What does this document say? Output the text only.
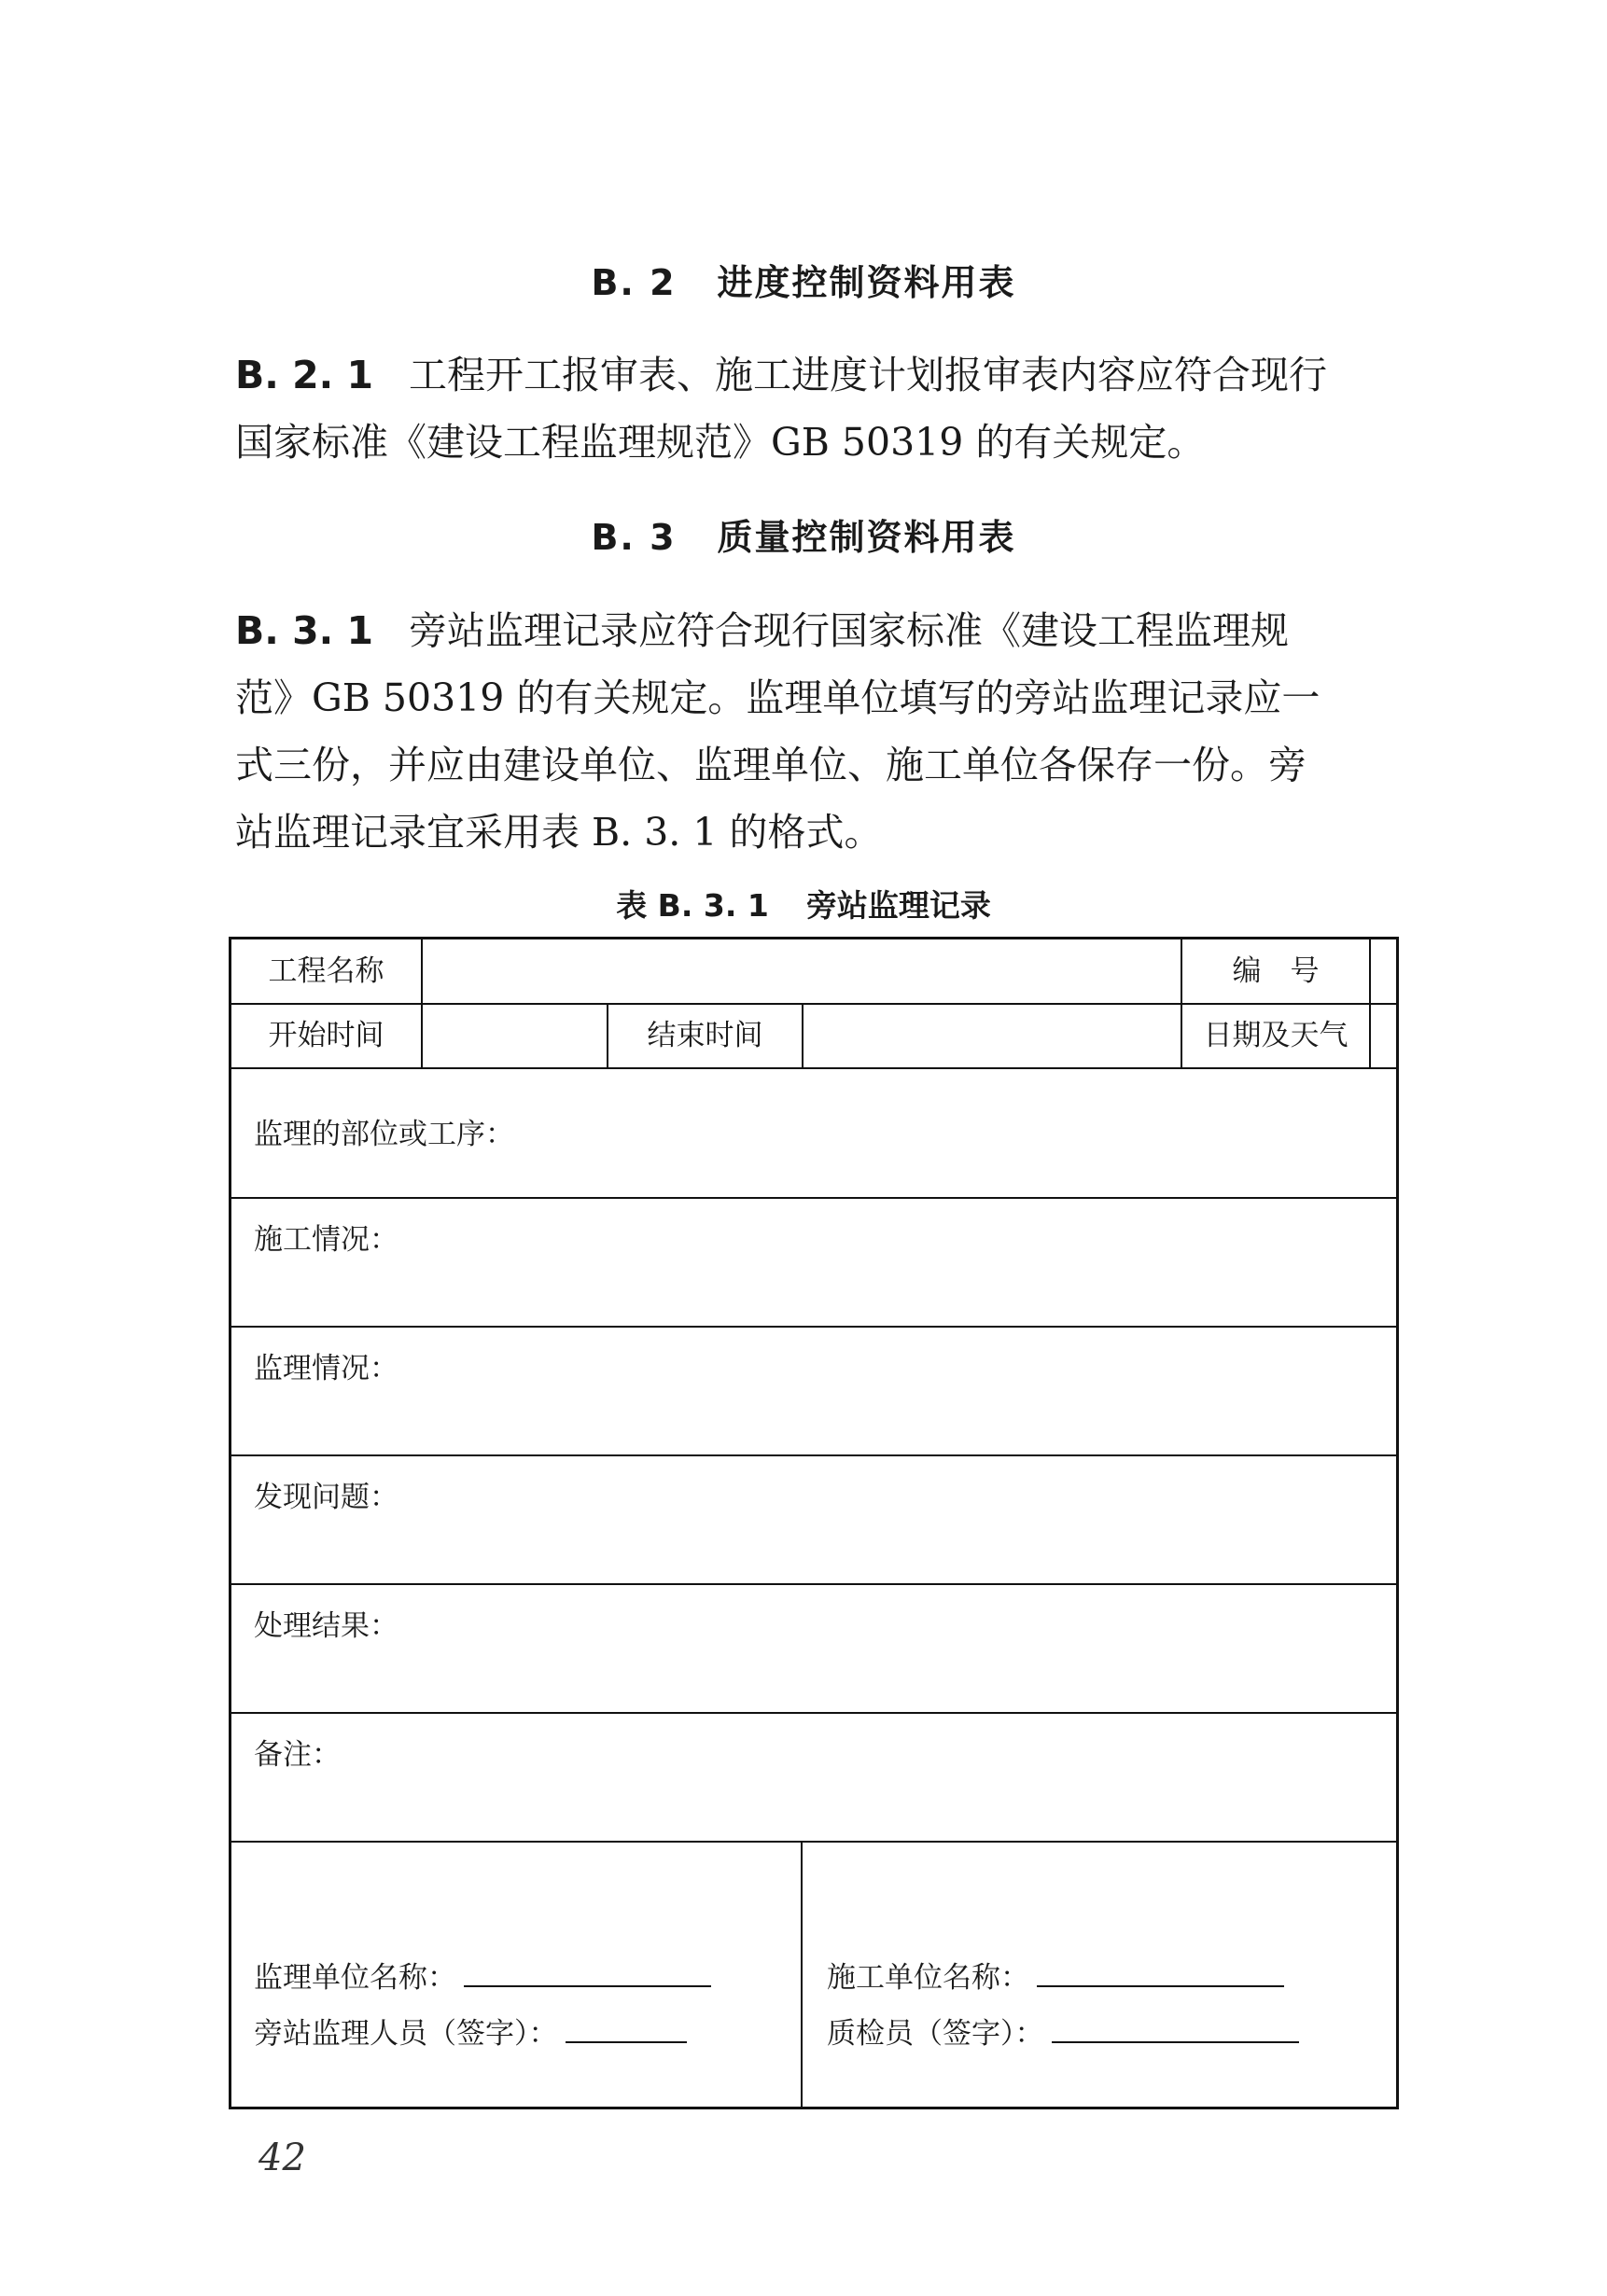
B. 2 进度控制资料用表
B. 2. 1 工程开工报审表、施工进度计划报审表内容应符合现行
国家标准《建设工程监理规范》GB 50319 的有关规定。
B. 3 质量控制资料用表
B. 3. 1 旁站监理记录应符合现行国家标准《建设工程监理规
范》GB 50319 的有关规定。监理单位填写的旁站监理记录应一
式三份，并应由建设单位、监理单位、施工单位各保存一份。旁
站监理记录宜采用表 B. 3. 1 的格式。
表 B. 3. 1 旁站监理记录
工程名称	编　号
开始时间	结束时间	日期及天气
监理的部位或工序：
施工情况：
监理情况：
发现问题：
处理结果：
备注：
监理单位名称：
旁站监理人员（签字）：
施工单位名称：
质检员（签字）：
42
